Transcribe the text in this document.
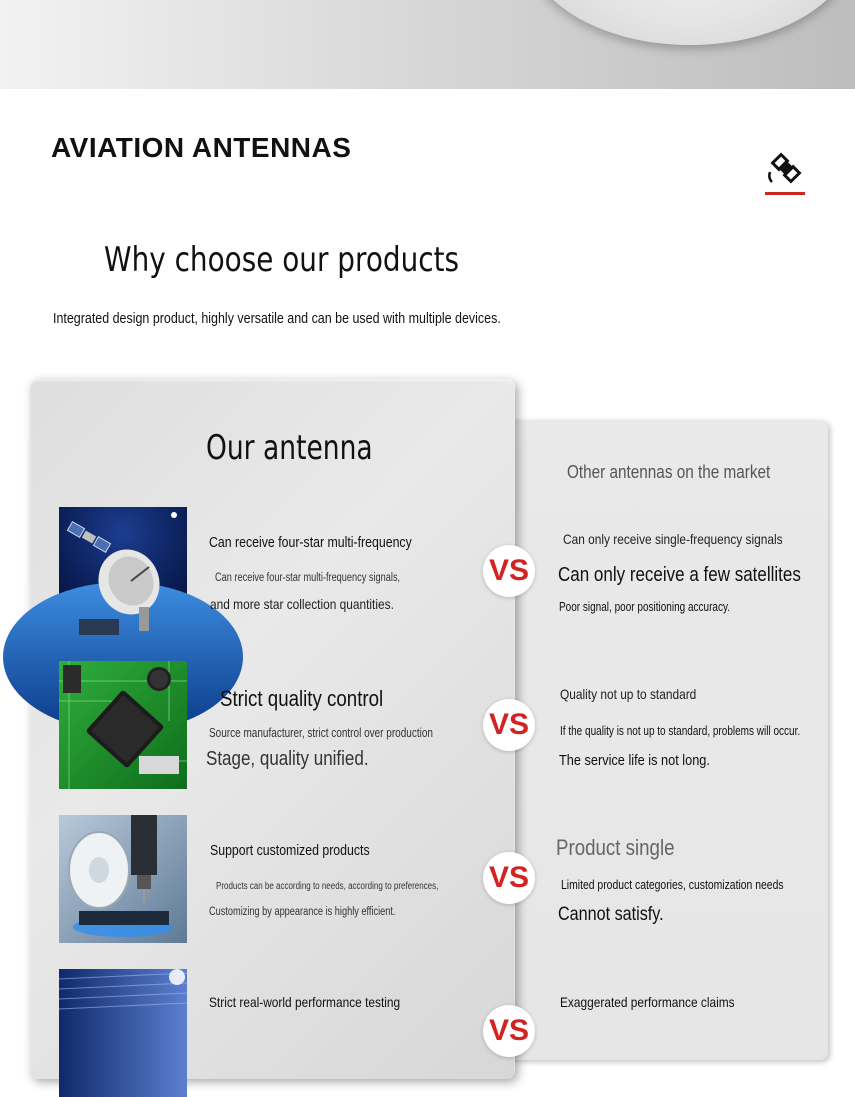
AVIATION ANTENNAS
Why choose our products
Integrated design product, highly versatile and can be used with multiple devices.
Our antenna
Other antennas on the market
Can receive four-star multi-frequency
Can receive four-star multi-frequency signals,
and more star collection quantities.
VS
Can only receive single-frequency signals
Can only receive a few satellites
Poor signal, poor positioning accuracy.
Strict quality control
Source manufacturer, strict control over production
Stage, quality unified.
VS
Quality not up to standard
If the quality is not up to standard, problems will occur.
The service life is not long.
Support customized products
Products can be according to needs, according to preferences,
Customizing by appearance is highly efficient.
VS
Product single
Limited product categories, customization needs
Cannot satisfy.
Strict real-world performance testing
VS
Exaggerated performance claims
